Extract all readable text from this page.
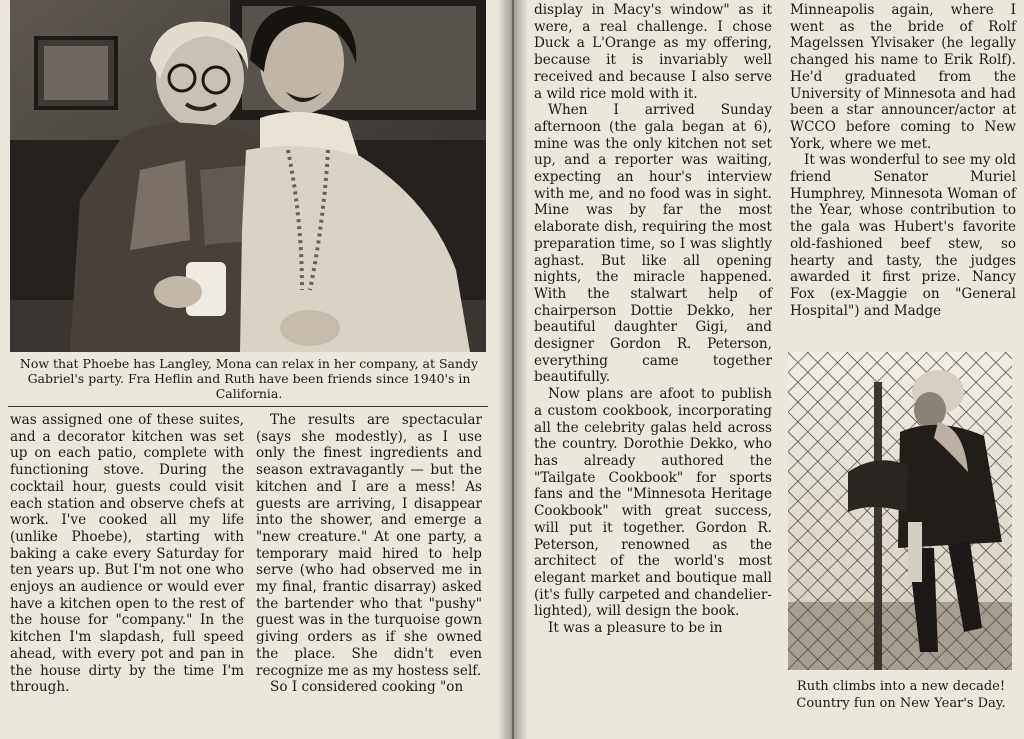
Now that Phoebe has Langley, Mona can relax in her company, at Sandy Gabriel's party. Fra Heflin and Ruth have been friends since 1940's in California.

was assigned one of these suites, and a decorator kitchen was set up on each patio, complete with functioning stove. During the cocktail hour, guests could visit each station and observe chefs at work. I've cooked all my life (unlike Phoebe), starting with baking a cake every Saturday for ten years up. But I'm not one who enjoys an audience or would ever have a kitchen open to the rest of the house for "company." In the kitchen I'm slapdash, full speed ahead, with every pot and pan in the house dirty by the time I'm through.

The results are spectacular (says she modestly), as I use only the finest ingredients and season extravagantly — but the kitchen and I are a mess! As guests are arriving, I disappear into the shower, and emerge a "new creature." At one party, a temporary maid hired to help serve (who had observed me in my final, frantic disarray) asked the bartender who that "pushy" guest was in the turquoise gown giving orders as if she owned the place. She didn't even recognize me as my hostess self.

So I considered cooking "on

display in Macy's window" as it were, a real challenge. I chose Duck a L'Orange as my offering, because it is invariably well received and because I also serve a wild rice mold with it.

When I arrived Sunday afternoon (the gala began at 6), mine was the only kitchen not set up, and a reporter was waiting, expecting an hour's interview with me, and no food was in sight. Mine was by far the most elaborate dish, requiring the most preparation time, so I was slightly aghast. But like all opening nights, the miracle happened. With the stalwart help of chairperson Dottie Dekko, her beautiful daughter Gigi, and designer Gordon R. Peterson, everything came together beautifully.

Now plans are afoot to publish a custom cookbook, incorporating all the celebrity galas held across the country. Dorothie Dekko, who has already authored the "Tailgate Cookbook" for sports fans and the "Minnesota Heritage Cookbook" with great success, will put it together. Gordon R. Peterson, renowned as the architect of the world's most elegant market and boutique mall (it's fully carpeted and chandelier-lighted), will design the book.

It was a pleasure to be in

Minneapolis again, where I went as the bride of Rolf Magelssen Ylvisaker (he legally changed his name to Erik Rolf). He'd graduated from the University of Minnesota and had been a star announcer/actor at WCCO before coming to New York, where we met.

It was wonderful to see my old friend Senator Muriel Humphrey, Minnesota Woman of the Year, whose contribution to the gala was Hubert's favorite old-fashioned beef stew, so hearty and tasty, the judges awarded it first prize. Nancy Fox (ex-Maggie on "General Hospital") and Madge

Ruth climbs into a new decade!
Country fun on New Year's Day.
